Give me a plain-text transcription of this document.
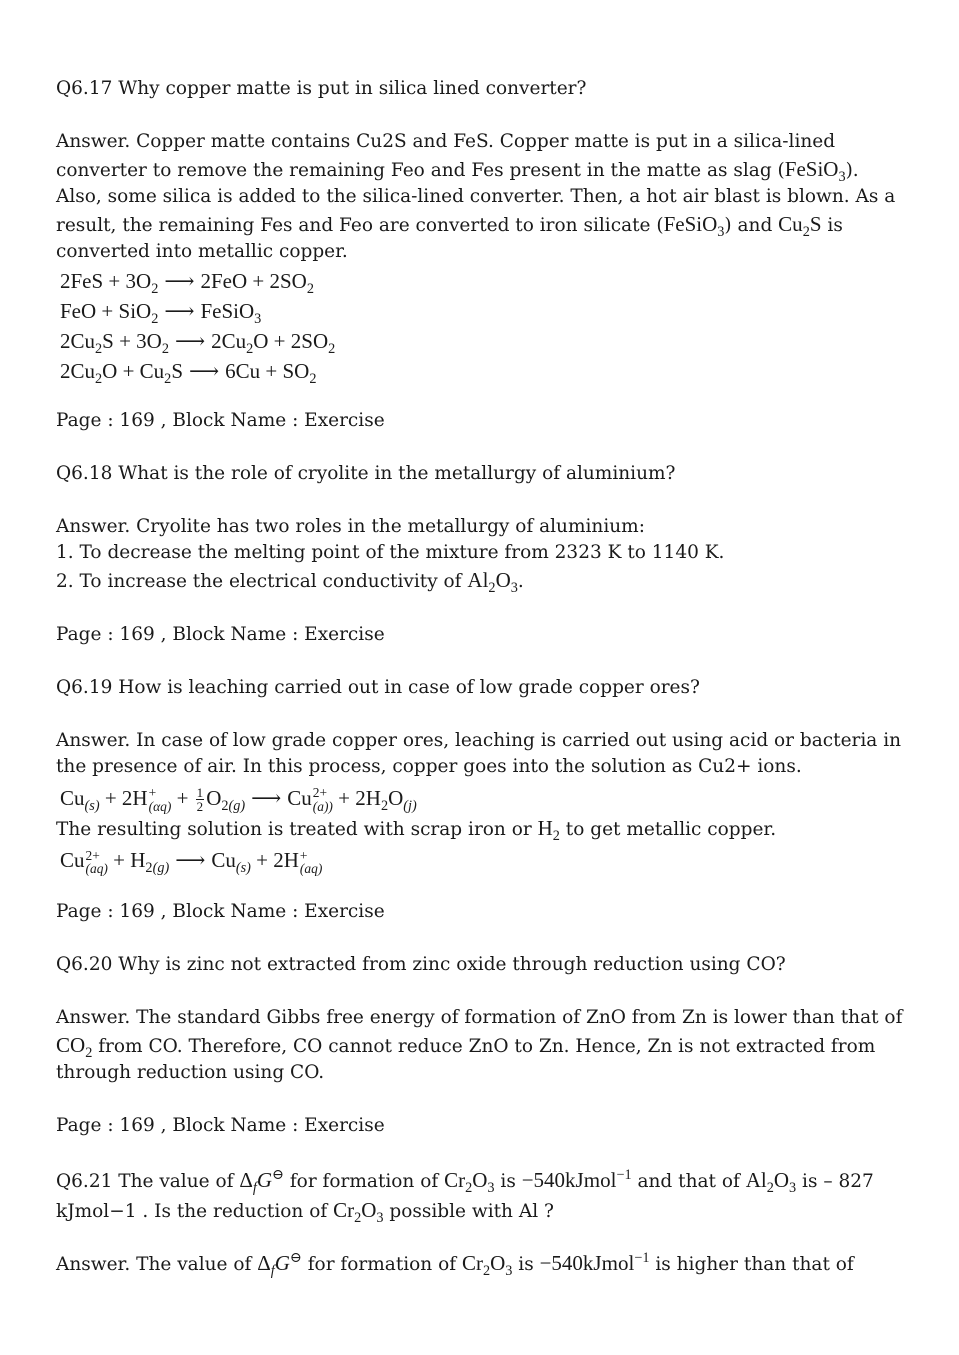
Q6.17 Why copper matte is put in silica lined converter?

Answer. Copper matte contains Cu2S and FeS. Copper matte is put in a silica-lined converter to remove the remaining Feo and Fes present in the matte as slag (FeSiO$_3$). Also, some silica is added to the silica-lined converter. Then, a hot air blast is blown. As a result, the remaining Fes and Feo are converted to iron silicate (FeSiO$_3$) and $Cu_2S$ is converted into metallic copper.

$2FeS + 3O_2$ ⟶ $2FeO + 2SO_2$
FeO + SiO$_2$ ⟶ FeSiO$_3$
$2Cu_2S + 3O_2$ ⟶ $2Cu_2O + 2SO_2$
$2Cu_2O + Cu_2S$ ⟶ $6Cu + SO_2$

Page : 169 , Block Name : Exercise

Q6.18 What is the role of cryolite in the metallurgy of aluminium?

Answer. Cryolite has two roles in the metallurgy of aluminium:

1. To decrease the melting point of the mixture from 2323 K to 1140 K.

2. To increase the electrical conductivity of $Al_2O_3$.

Page : 169 , Block Name : Exercise

Q6.19 How is leaching carried out in case of low grade copper ores?

Answer. In case of low grade copper ores, leaching is carried out using acid or bacteria in the presence of air. In this process, copper goes into the solution as Cu2+ ions.

$Cu_{(s)} + 2H$ +
$(\alpha q) + \frac{1}{2} O_{2(g)}$ ⟶ Cu 2+
$(a)) + 2H_2O_{(j)}$

The resulting solution is treated with scrap iron or $H_2$ to get metallic copper.

Cu 2+
$(aq) + H_{2(g)}$ ⟶ $Cu_{(s)} + 2H$ +
(aq)

Page : 169 , Block Name : Exercise

Q6.20 Why is zinc not extracted from zinc oxide through reduction using CO?

Answer. The standard Gibbs free energy of formation of ZnO from Zn is lower than that of $CO_2$ from CO. Therefore, CO cannot reduce ZnO to Zn. Hence, Zn is not extracted from through reduction using CO.

Page : 169 , Block Name : Exercise

Q6.21 The value of $\Delta_fG^⊖$ for formation of $Cr_2O_3$ is −540kJmol$^{-1}$ and that of $Al_2O_3$ is – 827 kJmol−1 . Is the reduction of $Cr_2O_3$ possible with Al ?

Answer. The value of $\Delta_fG^⊖$ for formation of $Cr_2O_3$ is −540kJmol$^{-1}$ is higher than that of
